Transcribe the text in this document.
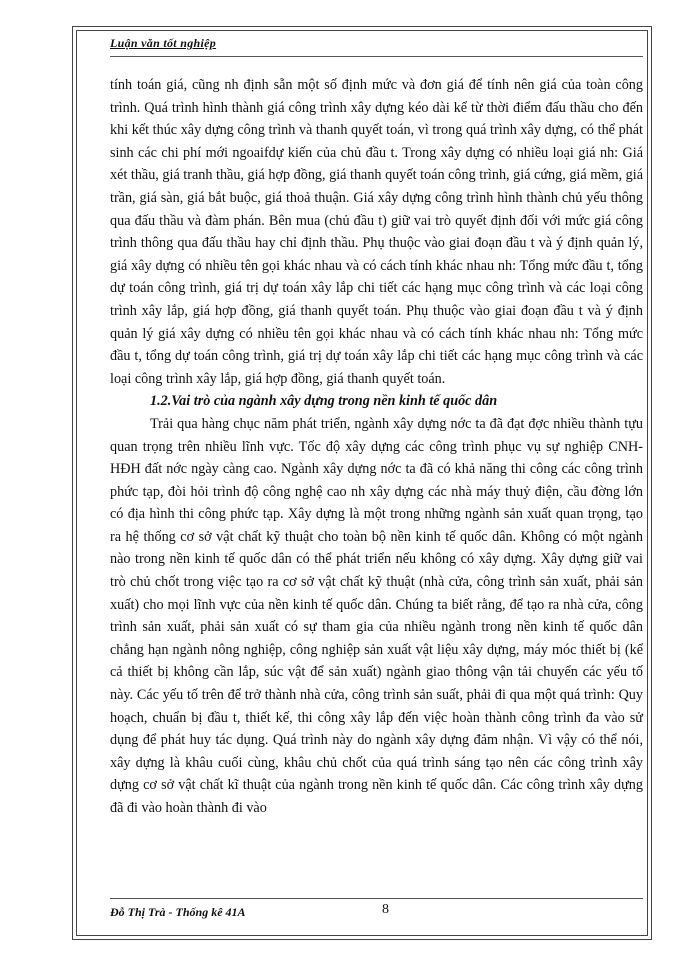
Luận văn tốt nghiệp

tính toán giá, cũng nh định sẵn một số định mức và đơn giá để tính nên giá của toàn công trình. Quá trình hình thành giá công trình xây dựng kéo dài kể từ thời điểm đấu thầu cho đến khi kết thúc xây dựng công trình và thanh quyết toán, vì trong quá trình xây dựng, có thể phát sinh các chi phí mới ngoaifdự kiến của chủ đầu t. Trong xây dựng có nhiều loại giá nh: Giá xét thầu, giá tranh thầu, giá hợp đồng, giá thanh quyết toán công trình, giá cứng, giá mềm, giá trần, giá sàn, giá bắt buộc, giá thoả thuận. Giá xây dựng công trình hình thành chủ yếu thông qua đấu thầu và đàm phán. Bên mua (chủ đầu t) giữ vai trò quyết định đối với mức giá công trình thông qua đấu thầu hay chỉ định thầu. Phụ thuộc vào giai đoạn đầu t và ý định quản lý, giá xây dựng có nhiều tên gọi khác nhau và có cách tính khác nhau nh: Tổng mức đầu t, tổng dự toán công trình, giá trị dự toán xây lắp chi tiết các hạng mục công trình và các loại công trình xây lắp, giá hợp đồng, giá thanh quyết toán. Phụ thuộc vào giai đoạn đầu t và ý định quản lý giá xây dựng có nhiều tên gọi khác nhau và có cách tính khác nhau nh: Tổng mức đầu t, tổng dự toán công trình, giá trị dự toán xây lắp chi tiết các hạng mục công trình và các loại công trình xây lắp, giá hợp đồng, giá thanh quyết toán.

1.2.Vai trò của ngành xây dựng trong nền kinh tế quốc dân

Trải qua hàng chục năm phát triển, ngành xây dựng nớc ta đã đạt đợc nhiều thành tựu quan trọng trên nhiều lĩnh vực. Tốc độ xây dựng các công trình phục vụ sự nghiệp CNH-HĐH đất nớc ngày càng cao. Ngành xây dựng nớc ta đã có khả năng thi công các công trình phức tạp, đòi hỏi trình độ công nghệ cao nh xây dựng các nhà máy thuỷ điện, cầu đờng lớn có địa hình thi công phức tạp. Xây dựng là một trong những ngành sản xuất quan trọng, tạo ra hệ thống cơ sở vật chất kỹ thuật cho toàn bộ nền kinh tế quốc dân. Không có một ngành nào trong nền kinh tế quốc dân có thể phát triển nếu không có xây dựng. Xây dựng giữ vai trò chủ chốt trong việc tạo ra cơ sở vật chất kỹ thuật (nhà cửa, công trình sản xuất, phải sản xuất) cho mọi lĩnh vực của nền kinh tế quốc dân. Chúng ta biết rằng, để tạo ra nhà cửa, công trình sản xuất, phải sản xuất có sự tham gia của nhiều ngành trong nền kinh tế quốc dân chẳng hạn ngành nông nghiệp, công nghiệp sản xuất vật liệu xây dựng, máy móc thiết bị (kể cả thiết bị không cần lắp, súc vật để sản xuất) ngành giao thông vận tải chuyển các yếu tố này. Các yếu tố trên để trở thành nhà cửa, công trình sản suất, phải đi qua một quá trình: Quy hoạch, chuẩn bị đầu t, thiết kế, thi công xây lắp đến việc hoàn thành công trình đa vào sử dụng để phát huy tác dụng. Quá trình này do ngành xây dựng đảm nhận. Vì vậy có thể nói, xây dựng là khâu cuối cùng, khâu chủ chốt của quá trình sáng tạo nên các công trình xây dựng cơ sở vật chất kĩ thuật của ngành trong nền kinh tế quốc dân. Các công trình xây dựng đã đi vào hoàn thành đi vào

Đỗ Thị Trà - Thống kê 41A	8
